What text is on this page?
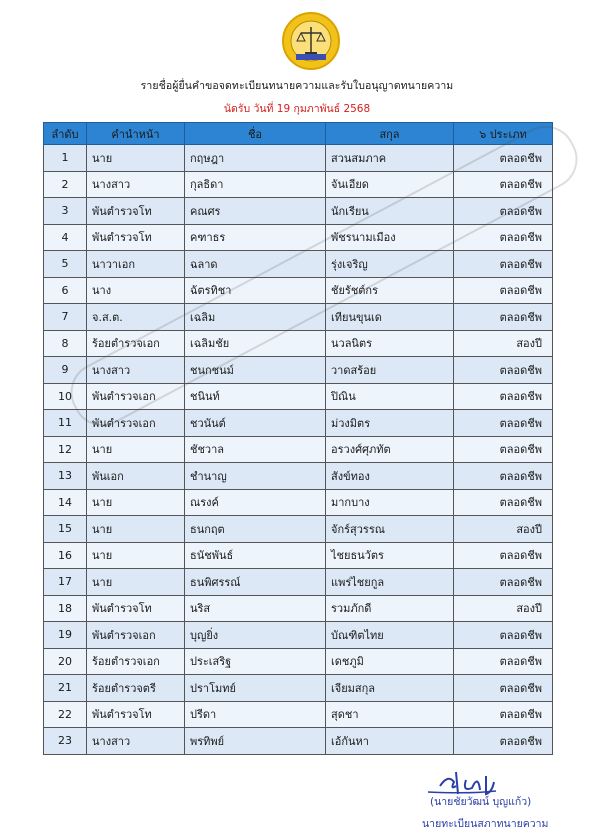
รายชื่อผู้ยื่นคำขอจดทะเบียนทนายความและรับใบอนุญาตทนายความ
นัดรับ วันที่ 19 กุมภาพันธ์ 2568
ลำดับ	คำนำหน้า	ชื่อ	สกุล	๖ ประเภท
1	นาย	กฤษฎา	สวนสมภาค	ตลอดชีพ
2	นางสาว	กุลธิดา	จันเอียด	ตลอดชีพ
3	พันตำรวจโท	คณศร	นักเรียน	ตลอดชีพ
4	พันตำรวจโท	คฑาธร	พัชรนามเมือง	ตลอดชีพ
5	นาวาเอก	ฉลาด	รุ่งเจริญ	ตลอดชีพ
6	นาง	ฉัตรทิชา	ชัยรัชต์กร	ตลอดชีพ
7	จ.ส.ต.	เฉลิม	เทียนขุนเด	ตลอดชีพ
8	ร้อยตำรวจเอก	เฉลิมชัย	นวลนิตร	สองปี
9	นางสาว	ชนกชนม์	วาดสร้อย	ตลอดชีพ
10	พันตำรวจเอก	ชนินท์	ปิณิน	ตลอดชีพ
11	พันตำรวจเอก	ชวนันต์	ม่วงมิตร	ตลอดชีพ
12	นาย	ชัชวาล	อรวงศ์ศุภทัต	ตลอดชีพ
13	พันเอก	ชำนาญ	สังข์ทอง	ตลอดชีพ
14	นาย	ณรงค์	มากบาง	ตลอดชีพ
15	นาย	ธนกฤต	จักร์สุวรรณ	สองปี
16	นาย	ธนัชพันธ์	ไชยธนวัตร	ตลอดชีพ
17	นาย	ธนพิศรรณ์	แพร่ไชยกูล	ตลอดชีพ
18	พันตำรวจโท	นริส	รวมภักดี	สองปี
19	พันตำรวจเอก	บุญยิ่ง	บัณฑิตไทย	ตลอดชีพ
20	ร้อยตำรวจเอก	ประเสริฐ	เดชภูมิ	ตลอดชีพ
21	ร้อยตำรวจตรี	ปราโมทย์	เจียมสกุล	ตลอดชีพ
22	พันตำรวจโท	ปรีดา	สุดชา	ตลอดชีพ
23	นางสาว	พรทิพย์	เอ้กันหา	ตลอดชีพ
(นายชัยวัฒน์ บุญแก้ว)
นายทะเบียนสภาทนายความ
